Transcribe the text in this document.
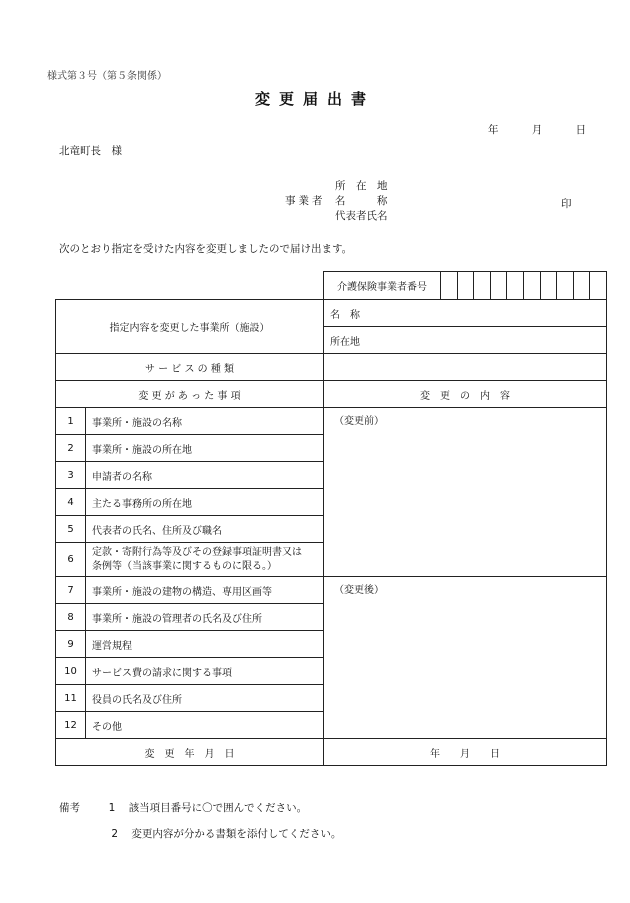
様式第３号（第５条関係）
変更届出書
年 月 日
北竜町長　様
所　在　地
事業者 名　　　称
代表者氏名
印
次のとおり指定を受けた内容を変更しましたので届け出ます。
		介護保険事業者番号	

指定内容を変更した事業所（施設）		名　称	
		所在地	
サ ー ビ ス の 種 類			
変 更 が あ っ た 事 項		変　更　の　内　容	
1	事業所・施設の名称	（変更前）	
2	事業所・施設の所在地		
3	申請者の名称		
4	主たる事務所の所在地		
5	代表者の氏名、住所及び職名		
6	定款・寄附行為等及びその登録事項証明書又は
条例等（当該事業に関するものに限る。）		

7	事業所・施設の建物の構造、専用区画等	（変更後）	
8	事業所・施設の管理者の氏名及び住所		
9	運営規程		
10	サービス費の請求に関する事項		
11	役員の氏名及び住所		
12	その他		
変　更　年　月　日		年　　月　　日	
備考	1 該当項目番号に〇で囲んでください。
2 変更内容が分かる書類を添付してください。
